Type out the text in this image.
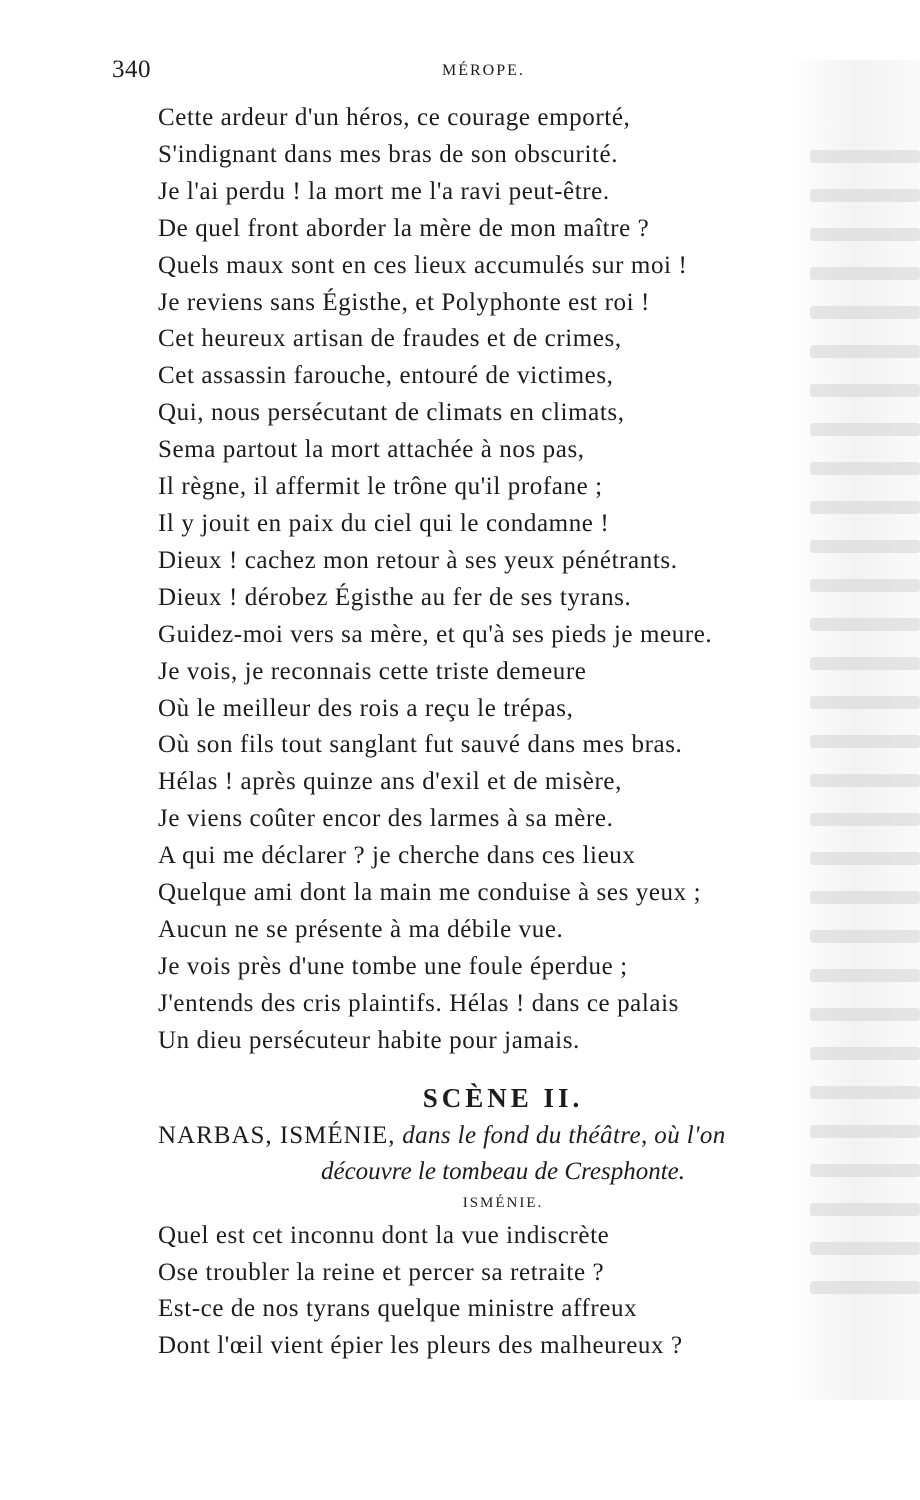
340	MÉROPE.
Cette ardeur d'un héros, ce courage emporté,
S'indignant dans mes bras de son obscurité.
Je l'ai perdu ! la mort me l'a ravi peut-être.
De quel front aborder la mère de mon maître ?
Quels maux sont en ces lieux accumulés sur moi !
Je reviens sans Égisthe, et Polyphonte est roi !
Cet heureux artisan de fraudes et de crimes,
Cet assassin farouche, entouré de victimes,
Qui, nous persécutant de climats en climats,
Sema partout la mort attachée à nos pas,
Il règne, il affermit le trône qu'il profane ;
Il y jouit en paix du ciel qui le condamne !
Dieux ! cachez mon retour à ses yeux pénétrants.
Dieux ! dérobez Égisthe au fer de ses tyrans.
Guidez-moi vers sa mère, et qu'à ses pieds je meure.
Je vois, je reconnais cette triste demeure
Où le meilleur des rois a reçu le trépas,
Où son fils tout sanglant fut sauvé dans mes bras.
Hélas ! après quinze ans d'exil et de misère,
Je viens coûter encor des larmes à sa mère.
A qui me déclarer ? je cherche dans ces lieux
Quelque ami dont la main me conduise à ses yeux ;
Aucun ne se présente à ma débile vue.
Je vois près d'une tombe une foule éperdue ;
J'entends des cris plaintifs. Hélas ! dans ce palais
Un dieu persécuteur habite pour jamais.
SCÈNE II.
NARBAS, ISMÉNIE, dans le fond du théâtre, où l'on
découvre le tombeau de Cresphonte.
ISMÉNIE.
Quel est cet inconnu dont la vue indiscrète
Ose troubler la reine et percer sa retraite ?
Est-ce de nos tyrans quelque ministre affreux
Dont l'œil vient épier les pleurs des malheureux ?
